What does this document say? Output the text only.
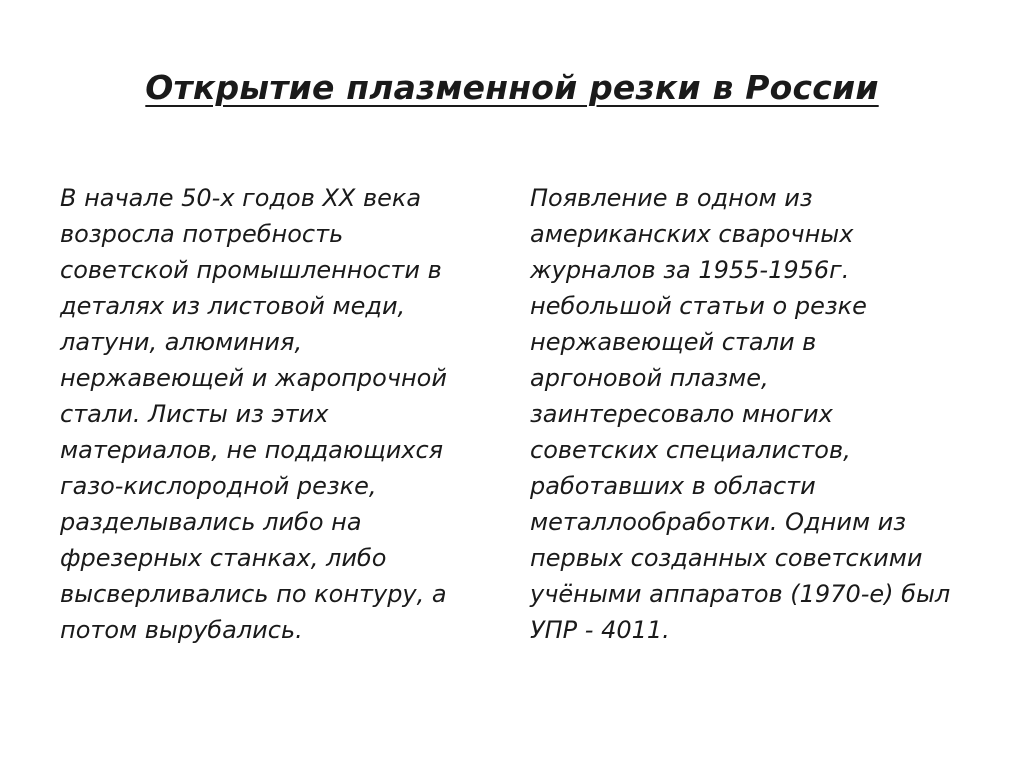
Открытие плазменной резки в России
В начале 50-х годов XX века
возросла потребность
советской промышленности в
деталях из листовой меди,
латуни, алюминия,
нержавеющей и жаропрочной
стали. Листы из этих
материалов, не поддающихся
газо-кислородной резке,
разделывались либо на
фрезерных станках, либо
высверливались по контуру, а
потом вырубались.
Появление в одном из
американских сварочных
журналов за 1955-1956г.
небольшой статьи о резке
нержавеющей стали в
аргоновой плазме,
заинтересовало многих
советских специалистов,
работавших в области
металлообработки. Одним из
первых созданных советскими
учёными аппаратов (1970-е) был
УПР - 4011.
